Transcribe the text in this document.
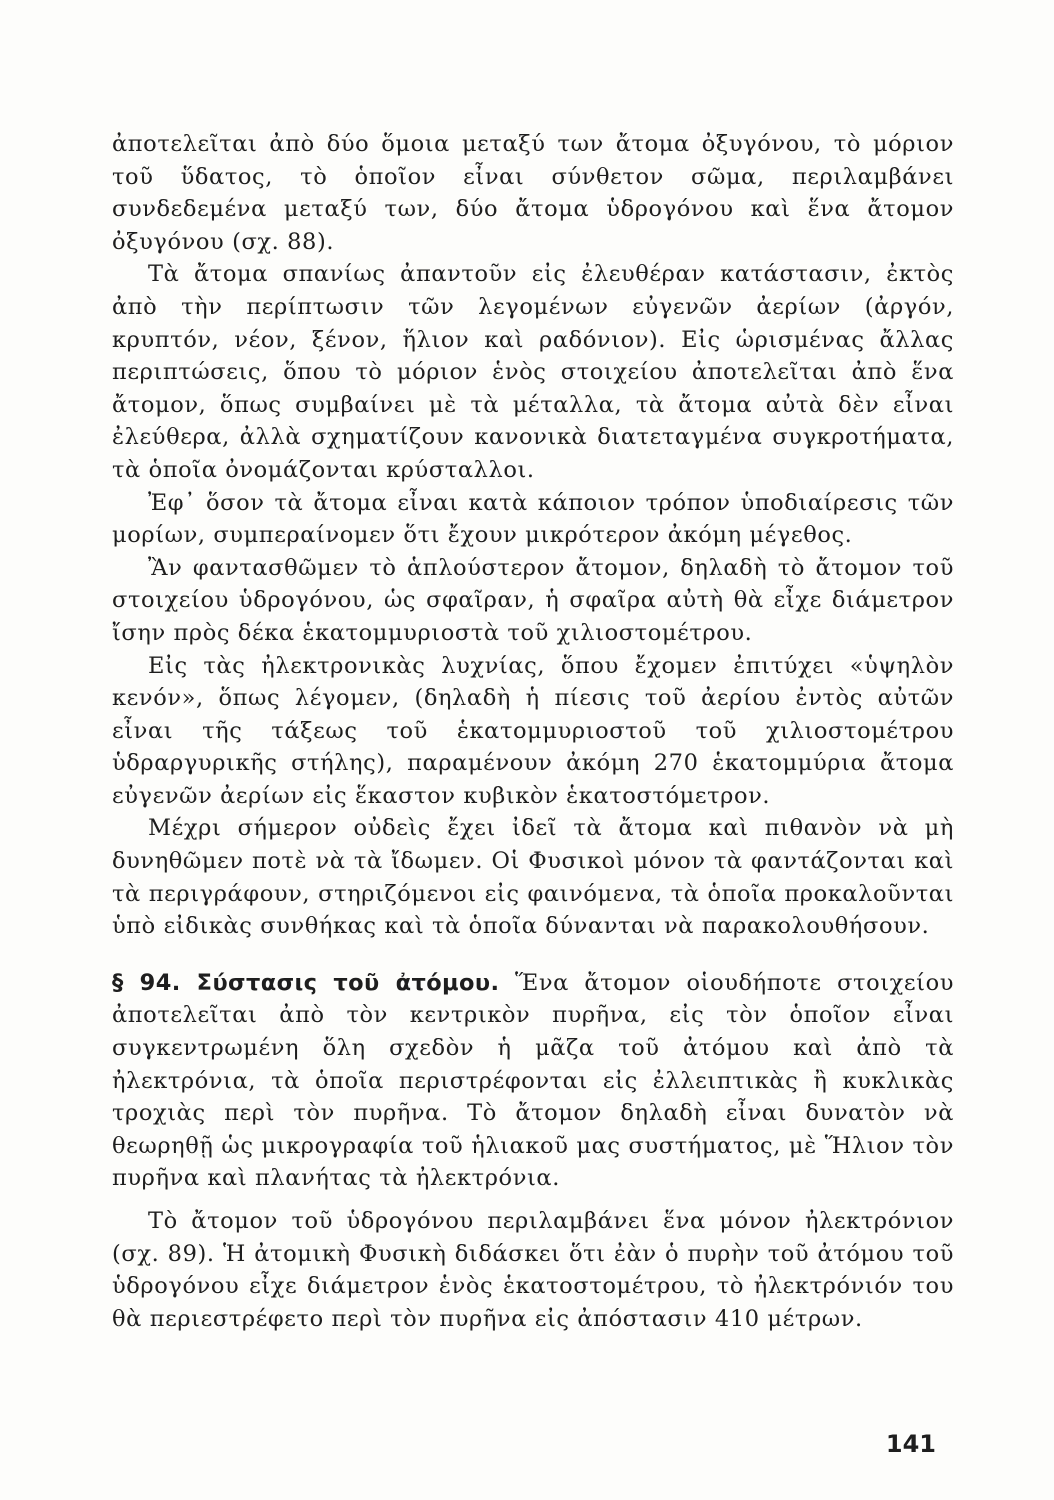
ἀποτελεῖται ἀπὸ δύο ὅμοια μεταξύ των ἄτομα ὀξυγόνου, τὸ μόριον τοῦ ὕδατος, τὸ ὁποῖον εἶναι σύνθετον σῶμα, περιλαμβάνει συνδεδεμένα μεταξύ των, δύο ἄτομα ὑδρογόνου καὶ ἕνα ἄτομον ὀξυγόνου (σχ. 88).

Τὰ ἄτομα σπανίως ἀπαντοῦν εἰς ἐλευθέραν κατάστασιν, ἐκτὸς ἀπὸ τὴν περίπτωσιν τῶν λεγομένων εὐγενῶν ἀερίων (ἀργόν, κρυπτόν, νέον, ξένον, ἥλιον καὶ ραδόνιον). Εἰς ὡρισμένας ἄλλας περιπτώσεις, ὅπου τὸ μόριον ἑνὸς στοιχείου ἀποτελεῖται ἀπὸ ἕνα ἄτομον, ὅπως συμβαίνει μὲ τὰ μέταλλα, τὰ ἄτομα αὐτὰ δὲν εἶναι ἐλεύθερα, ἀλλὰ σχηματίζουν κανονικὰ διατεταγμένα συγκροτήματα, τὰ ὁποῖα ὀνομάζονται κρύσταλλοι.

Ἐφ᾽ ὅσον τὰ ἄτομα εἶναι κατὰ κάποιον τρόπον ὑποδιαίρεσις τῶν μορίων, συμπεραίνομεν ὅτι ἔχουν μικρότερον ἀκόμη μέγεθος.

Ἂν φαντασθῶμεν τὸ ἁπλούστερον ἄτομον, δηλαδὴ τὸ ἄτομον τοῦ στοιχείου ὑδρογόνου, ὡς σφαῖραν, ἡ σφαῖρα αὐτὴ θὰ εἶχε διάμετρον ἴσην πρὸς δέκα ἑκατομμυριοστὰ τοῦ χιλιοστομέτρου.

Εἰς τὰς ἠλεκτρονικὰς λυχνίας, ὅπου ἔχομεν ἐπιτύχει «ὑψηλὸν κενόν», ὅπως λέγομεν, (δηλαδὴ ἡ πίεσις τοῦ ἀερίου ἐντὸς αὐτῶν εἶναι τῆς τάξεως τοῦ ἑκατομμυριοστοῦ τοῦ χιλιοστομέτρου ὑδραργυρικῆς στήλης), παραμένουν ἀκόμη 270 ἑκατομμύρια ἄτομα εὐγενῶν ἀερίων εἰς ἕκαστον κυβικὸν ἑκατοστόμετρον.

Μέχρι σήμερον οὐδεὶς ἔχει ἰδεῖ τὰ ἄτομα καὶ πιθανὸν νὰ μὴ δυνηθῶμεν ποτὲ νὰ τὰ ἴδωμεν. Οἱ Φυσικοὶ μόνον τὰ φαντάζονται καὶ τὰ περιγράφουν, στηριζόμενοι εἰς φαινόμενα, τὰ ὁποῖα προκαλοῦνται ὑπὸ εἰδικὰς συνθήκας καὶ τὰ ὁποῖα δύνανται νὰ παρακολουθήσουν.

§ 94. Σύστασις τοῦ ἀτόμου. Ἕνα ἄτομον οἱουδήποτε στοιχείου ἀποτελεῖται ἀπὸ τὸν κεντρικὸν πυρῆνα, εἰς τὸν ὁποῖον εἶναι συγκεντρωμένη ὅλη σχεδὸν ἡ μᾶζα τοῦ ἀτόμου καὶ ἀπὸ τὰ ἠλεκτρόνια, τὰ ὁποῖα περιστρέφονται εἰς ἐλλειπτικὰς ἢ κυκλικὰς τροχιὰς περὶ τὸν πυρῆνα. Τὸ ἄτομον δηλαδὴ εἶναι δυνατὸν νὰ θεωρηθῇ ὡς μικρογραφία τοῦ ἡλιακοῦ μας συστήματος, μὲ Ἥλιον τὸν πυρῆνα καὶ πλανήτας τὰ ἠλεκτρόνια.

Τὸ ἄτομον τοῦ ὑδρογόνου περιλαμβάνει ἕνα μόνον ἠλεκτρόνιον (σχ. 89). Ἡ ἀτομικὴ Φυσικὴ διδάσκει ὅτι ἐὰν ὁ πυρὴν τοῦ ἀτόμου τοῦ ὑδρογόνου εἶχε διάμετρον ἑνὸς ἑκατοστομέτρου, τὸ ἠλεκτρόνιόν του θὰ περιεστρέφετο περὶ τὸν πυρῆνα εἰς ἀπόστασιν 410 μέτρων.

141
